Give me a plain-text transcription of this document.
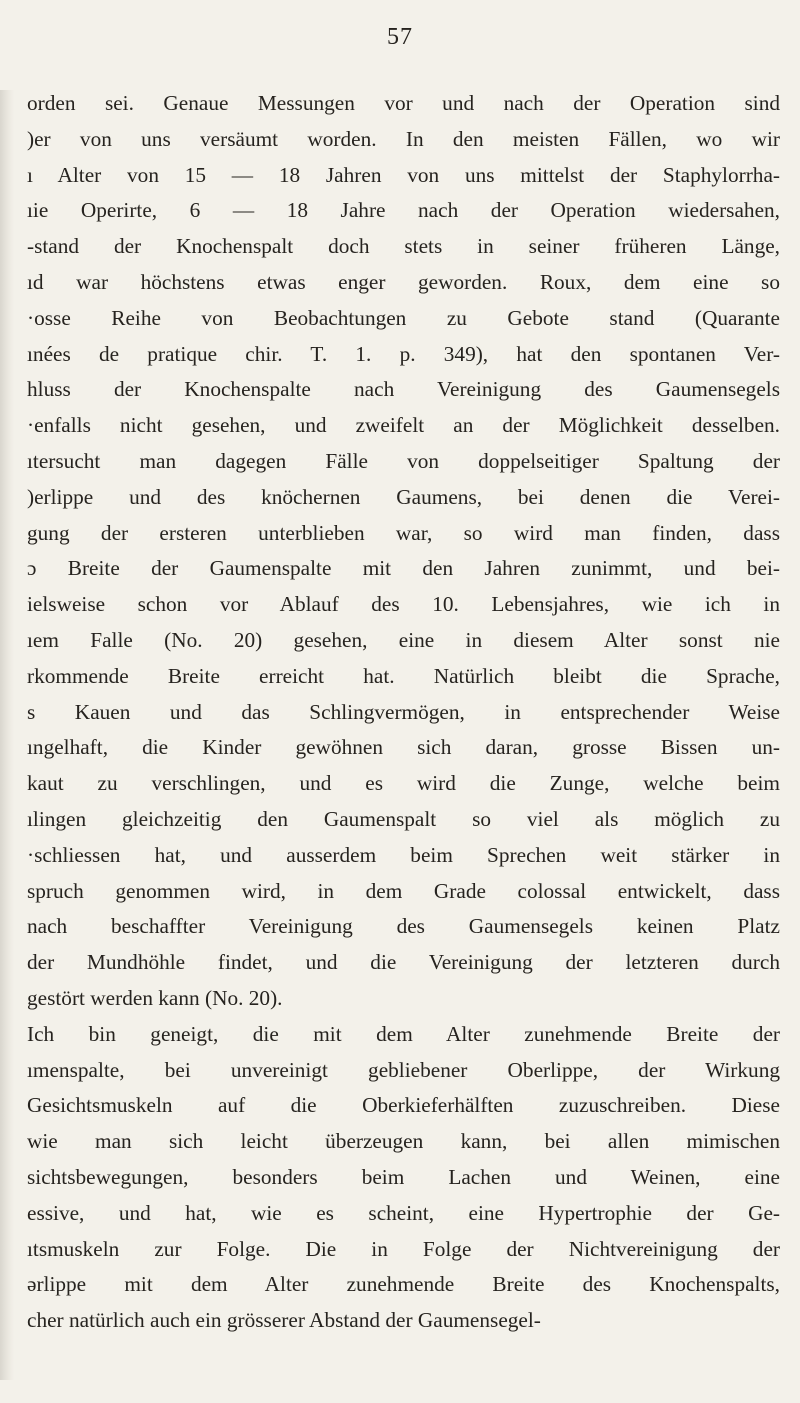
57
orden sei. Genaue Messungen vor und nach der Operation sind
)er von uns versäumt worden. In den meisten Fällen, wo wir
ı Alter von 15 — 18 Jahren von uns mittelst der Staphylorrha-
ıie Operirte, 6 — 18 Jahre nach der Operation wiedersahen,
-stand der Knochenspalt doch stets in seiner früheren Länge,
ıd war höchstens etwas enger geworden. Roux, dem eine so
·osse Reihe von Beobachtungen zu Gebote stand (Quarante
ınées de pratique chir. T. 1. p. 349), hat den spontanen Ver-
hluss der Knochenspalte nach Vereinigung des Gaumensegels
·enfalls nicht gesehen, und zweifelt an der Möglichkeit desselben.
ıtersucht man dagegen Fälle von doppelseitiger Spaltung der
)erlippe und des knöchernen Gaumens, bei denen die Verei-
gung der ersteren unterblieben war, so wird man finden, dass
ɔ Breite der Gaumenspalte mit den Jahren zunimmt, und bei-
ielsweise schon vor Ablauf des 10. Lebensjahres, wie ich in
ıem Falle (No. 20) gesehen, eine in diesem Alter sonst nie
rkommende Breite erreicht hat. Natürlich bleibt die Sprache,
s Kauen und das Schlingvermögen, in entsprechender Weise
ıngelhaft, die Kinder gewöhnen sich daran, grosse Bissen un-
kaut zu verschlingen, und es wird die Zunge, welche beim
ılingen gleichzeitig den Gaumenspalt so viel als möglich zu
·schliessen hat, und ausserdem beim Sprechen weit stärker in
spruch genommen wird, in dem Grade colossal entwickelt, dass
nach beschaffter Vereinigung des Gaumensegels keinen Platz
der Mundhöhle findet, und die Vereinigung der letzteren durch
gestört werden kann (No. 20).
Ich bin geneigt, die mit dem Alter zunehmende Breite der
ımenspalte, bei unvereinigt gebliebener Oberlippe, der Wirkung
Gesichtsmuskeln auf die Oberkieferhälften zuzuschreiben. Diese
wie man sich leicht überzeugen kann, bei allen mimischen
sichtsbewegungen, besonders beim Lachen und Weinen, eine
essive, und hat, wie es scheint, eine Hypertrophie der Ge-
ıtsmuskeln zur Folge. Die in Folge der Nichtvereinigung der
ərlippe mit dem Alter zunehmende Breite des Knochenspalts,
cher natürlich auch ein grösserer Abstand der Gaumensegel-
